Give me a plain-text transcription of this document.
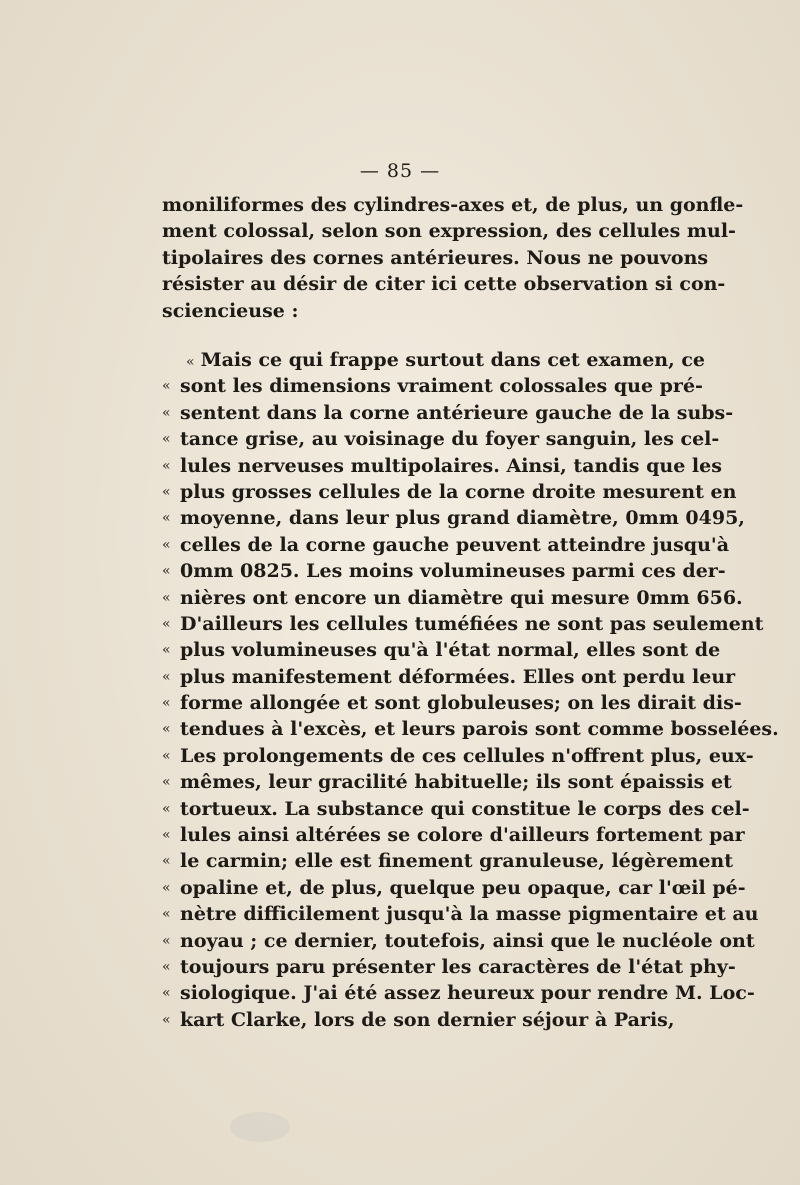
— 85 —
moniliformes des cylindres-axes et, de plus, un gonfle-
ment colossal, selon son expression, des cellules mul-
tipolaires des cornes antérieures. Nous ne pouvons
résister au désir de citer ici cette observation si con-
sciencieuse :
« Mais ce qui frappe surtout dans cet examen, ce
« sont les dimensions vraiment colossales que pré-
« sentent dans la corne antérieure gauche de la subs-
« tance grise, au voisinage du foyer sanguin, les cel-
« lules nerveuses multipolaires. Ainsi, tandis que les
« plus grosses cellules de la corne droite mesurent en
« moyenne, dans leur plus grand diamètre, 0mm 0495,
« celles de la corne gauche peuvent atteindre jusqu'à
« 0mm 0825. Les moins volumineuses parmi ces der-
« nières ont encore un diamètre qui mesure 0mm 656.
« D'ailleurs les cellules tuméfiées ne sont pas seulement
« plus volumineuses qu'à l'état normal, elles sont de
« plus manifestement déformées. Elles ont perdu leur
« forme allongée et sont globuleuses; on les dirait dis-
« tendues à l'excès, et leurs parois sont comme bosselées.
« Les prolongements de ces cellules n'offrent plus, eux-
« mêmes, leur gracilité habituelle; ils sont épaissis et
« tortueux. La substance qui constitue le corps des cel-
« lules ainsi altérées se colore d'ailleurs fortement par
« le carmin; elle est finement granuleuse, légèrement
« opaline et, de plus, quelque peu opaque, car l'œil pé-
« nètre difficilement jusqu'à la masse pigmentaire et au
« noyau ; ce dernier, toutefois, ainsi que le nucléole ont
« toujours paru présenter les caractères de l'état phy-
« siologique. J'ai été assez heureux pour rendre M. Loc-
« kart Clarke, lors de son dernier séjour à Paris,
